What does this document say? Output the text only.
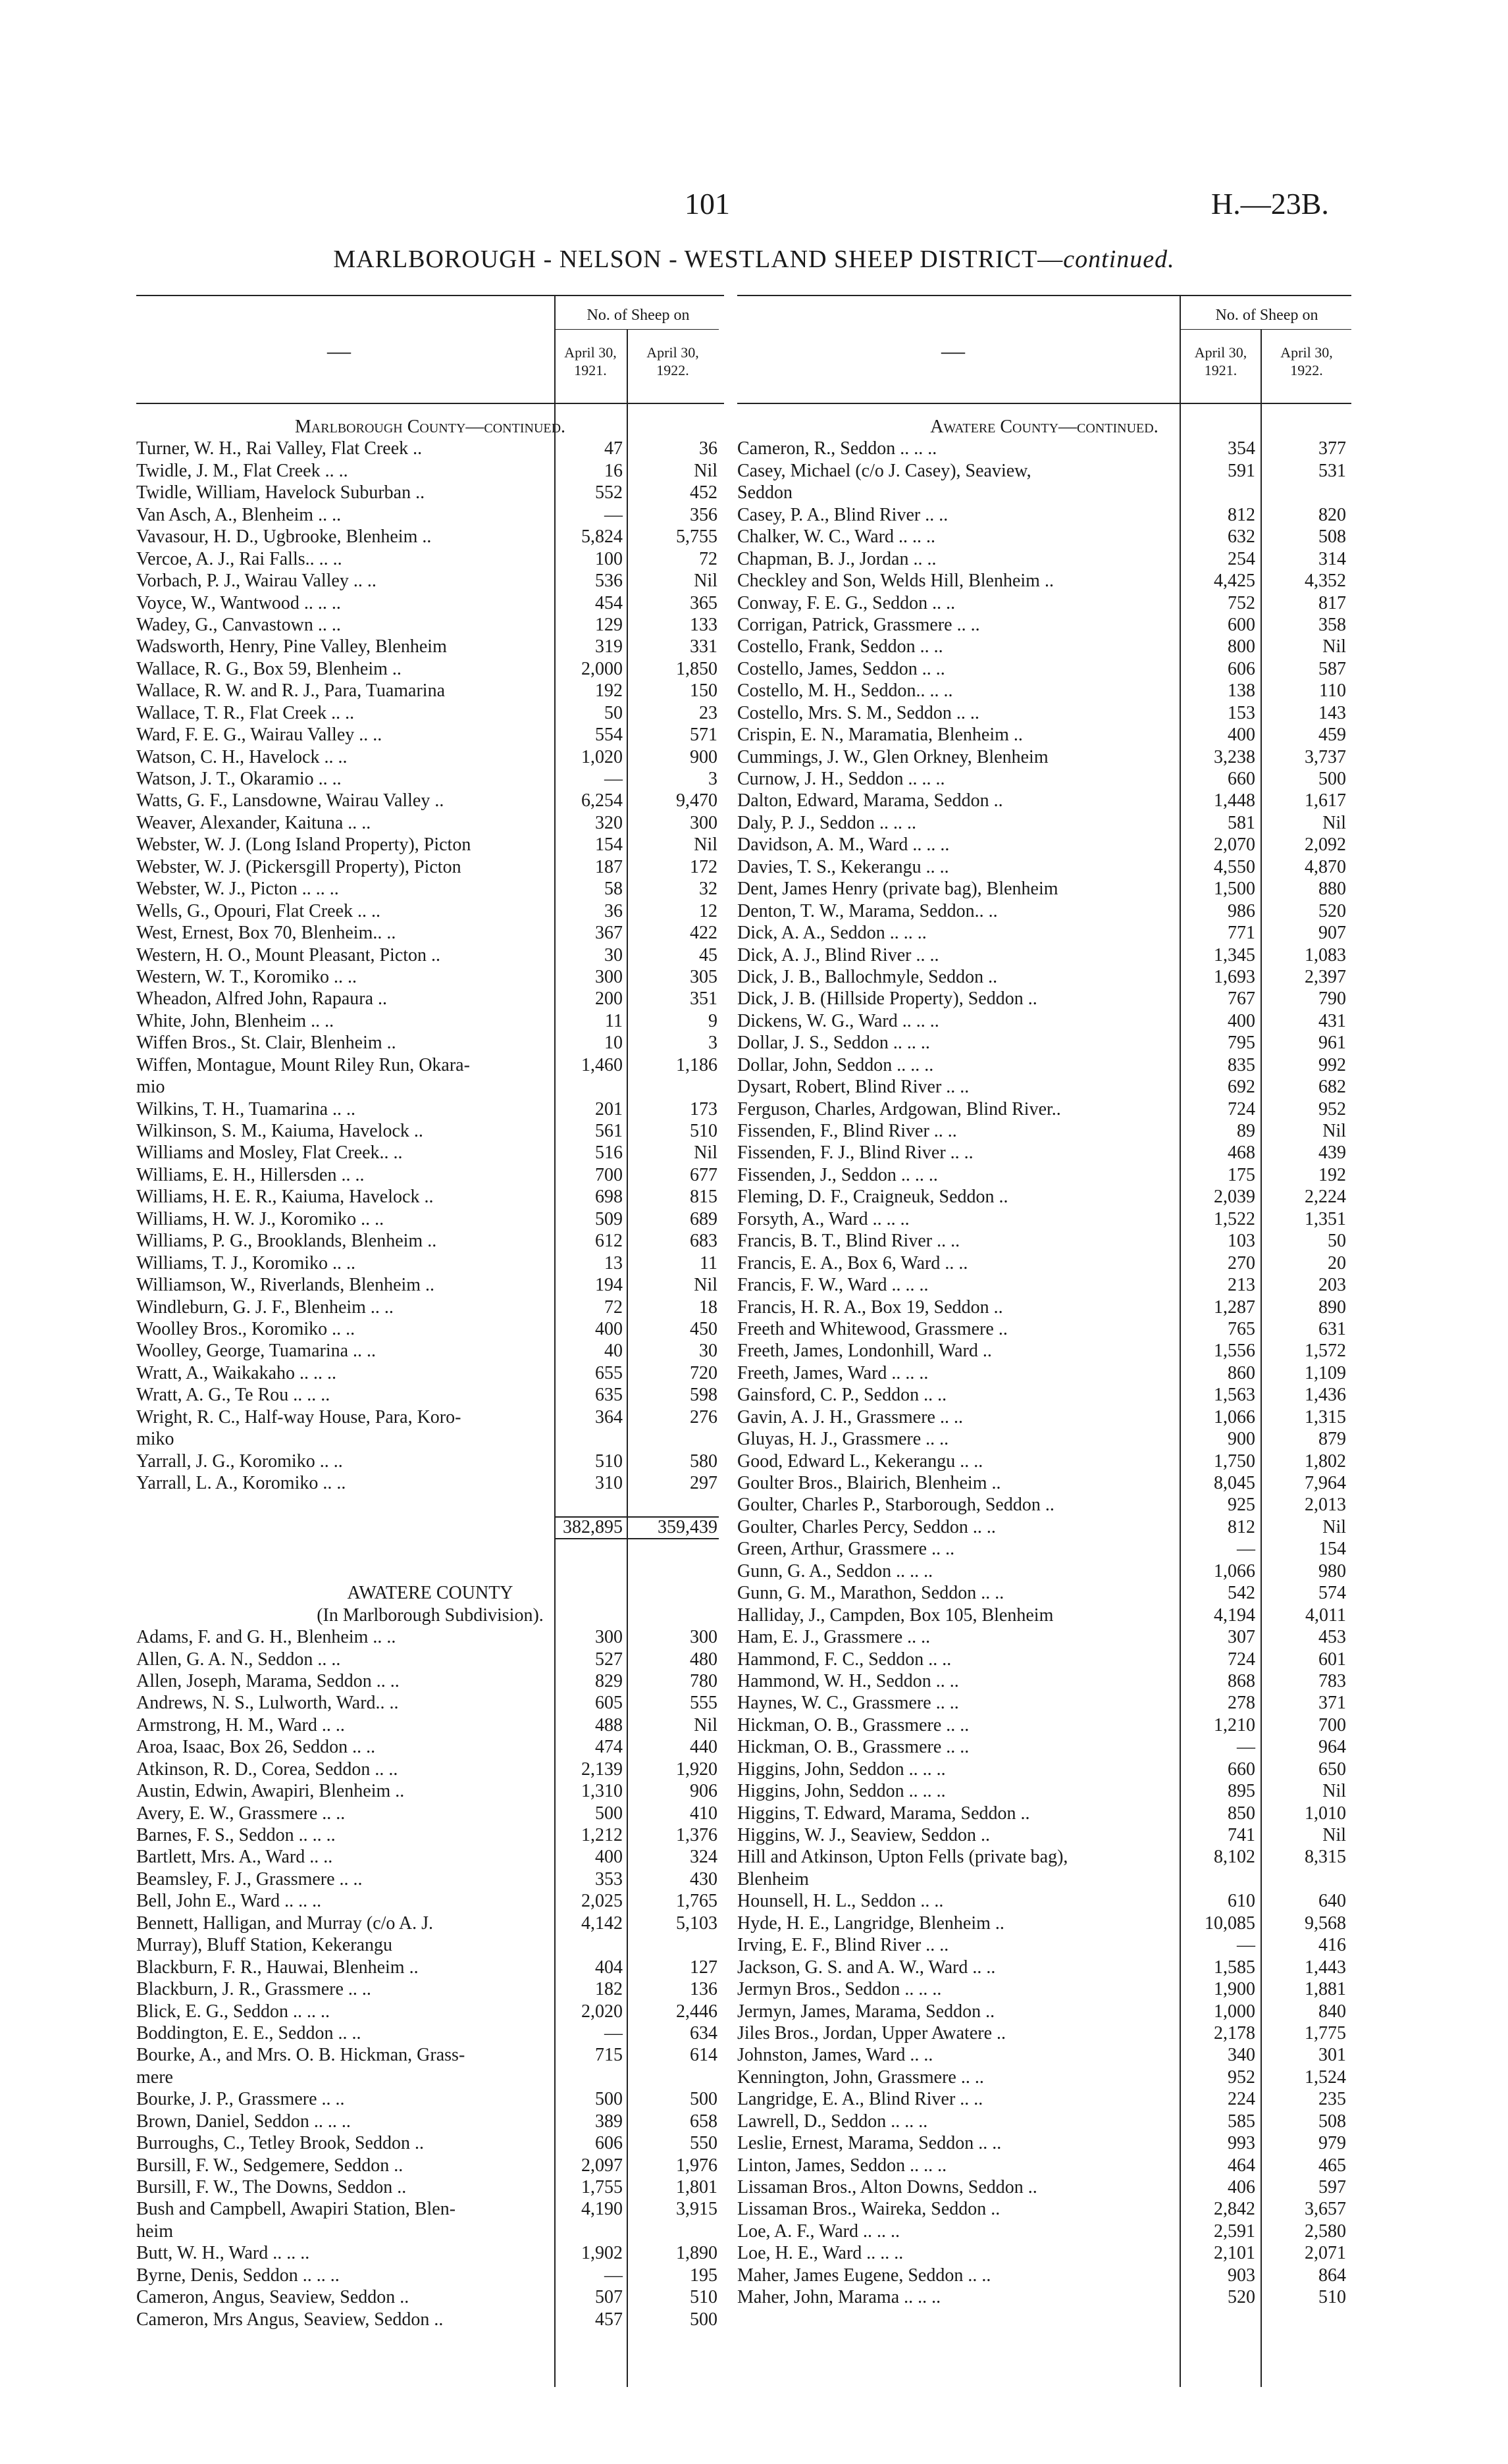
101	H.—23B.
MARLBOROUGH - NELSON - WESTLAND SHEEP DISTRICT—continued.
—
No. of Sheep on
April 30, 1921.
April 30, 1922.
Marlborough County—continued.
Turner, W. H., Rai Valley, Flat Creek ..	47	36
Twidle, J. M., Flat Creek .. ..	16	Nil
Twidle, William, Havelock Suburban ..	552	452
Van Asch, A., Blenheim .. ..	—	356
Vavasour, H. D., Ugbrooke, Blenheim ..	5,824	5,755
Vercoe, A. J., Rai Falls.. .. ..	100	72
Vorbach, P. J., Wairau Valley .. ..	536	Nil
Voyce, W., Wantwood .. .. ..	454	365
Wadey, G., Canvastown .. ..	129	133
Wadsworth, Henry, Pine Valley, Blenheim	319	331
Wallace, R. G., Box 59, Blenheim ..	2,000	1,850
Wallace, R. W. and R. J., Para, Tuamarina	192	150
Wallace, T. R., Flat Creek .. ..	50	23
Ward, F. E. G., Wairau Valley .. ..	554	571
Watson, C. H., Havelock .. ..	1,020	900
Watson, J. T., Okaramio .. ..	—	3
Watts, G. F., Lansdowne, Wairau Valley ..	6,254	9,470
Weaver, Alexander, Kaituna .. ..	320	300
Webster, W. J. (Long Island Property), Picton	154	Nil
Webster, W. J. (Pickersgill Property), Picton	187	172
Webster, W. J., Picton .. .. ..	58	32
Wells, G., Opouri, Flat Creek .. ..	36	12
West, Ernest, Box 70, Blenheim.. ..	367	422
Western, H. O., Mount Pleasant, Picton ..	30	45
Western, W. T., Koromiko .. ..	300	305
Wheadon, Alfred John, Rapaura ..	200	351
White, John, Blenheim .. ..	11	9
Wiffen Bros., St. Clair, Blenheim ..	10	3
Wiffen, Montague, Mount Riley Run, Okara-	1,460	1,186
mio
Wilkins, T. H., Tuamarina .. ..	201	173
Wilkinson, S. M., Kaiuma, Havelock ..	561	510
Williams and Mosley, Flat Creek.. ..	516	Nil
Williams, E. H., Hillersden .. ..	700	677
Williams, H. E. R., Kaiuma, Havelock ..	698	815
Williams, H. W. J., Koromiko .. ..	509	689
Williams, P. G., Brooklands, Blenheim ..	612	683
Williams, T. J., Koromiko .. ..	13	11
Williamson, W., Riverlands, Blenheim ..	194	Nil
Windleburn, G. J. F., Blenheim .. ..	72	18
Woolley Bros., Koromiko .. ..	400	450
Woolley, George, Tuamarina .. ..	40	30
Wratt, A., Waikakaho .. .. ..	655	720
Wratt, A. G., Te Rou .. .. ..	635	598
Wright, R. C., Half-way House, Para, Koro-	364	276
miko
Yarrall, J. G., Koromiko .. ..	510	580
Yarrall, L. A., Koromiko .. ..	310	297
382,895	359,439
AWATERE COUNTY
(In Marlborough Subdivision).
Adams, F. and G. H., Blenheim .. ..	300	300
Allen, G. A. N., Seddon .. ..	527	480
Allen, Joseph, Marama, Seddon .. ..	829	780
Andrews, N. S., Lulworth, Ward.. ..	605	555
Armstrong, H. M., Ward .. ..	488	Nil
Aroa, Isaac, Box 26, Seddon .. ..	474	440
Atkinson, R. D., Corea, Seddon .. ..	2,139	1,920
Austin, Edwin, Awapiri, Blenheim ..	1,310	906
Avery, E. W., Grassmere .. ..	500	410
Barnes, F. S., Seddon .. .. ..	1,212	1,376
Bartlett, Mrs. A., Ward .. ..	400	324
Beamsley, F. J., Grassmere .. ..	353	430
Bell, John E., Ward .. .. ..	2,025	1,765
Bennett, Halligan, and Murray (c/o A. J.	4,142	5,103
Murray), Bluff Station, Kekerangu
Blackburn, F. R., Hauwai, Blenheim ..	404	127
Blackburn, J. R., Grassmere .. ..	182	136
Blick, E. G., Seddon .. .. ..	2,020	2,446
Boddington, E. E., Seddon .. ..	—	634
Bourke, A., and Mrs. O. B. Hickman, Grass-	715	614
mere
Bourke, J. P., Grassmere .. ..	500	500
Brown, Daniel, Seddon .. .. ..	389	658
Burroughs, C., Tetley Brook, Seddon ..	606	550
Bursill, F. W., Sedgemere, Seddon ..	2,097	1,976
Bursill, F. W., The Downs, Seddon ..	1,755	1,801
Bush and Campbell, Awapiri Station, Blen-	4,190	3,915
heim
Butt, W. H., Ward .. .. ..	1,902	1,890
Byrne, Denis, Seddon .. .. ..	—	195
Cameron, Angus, Seaview, Seddon ..	507	510
Cameron, Mrs Angus, Seaview, Seddon ..	457	500
—
No. of Sheep on
April 30, 1921.
April 30, 1922.
Awatere County—continued.
Cameron, R., Seddon .. .. ..	354	377
Casey, Michael (c/o J. Casey), Seaview,	591	531
Seddon
Casey, P. A., Blind River .. ..	812	820
Chalker, W. C., Ward .. .. ..	632	508
Chapman, B. J., Jordan .. ..	254	314
Checkley and Son, Welds Hill, Blenheim ..	4,425	4,352
Conway, F. E. G., Seddon .. ..	752	817
Corrigan, Patrick, Grassmere .. ..	600	358
Costello, Frank, Seddon .. ..	800	Nil
Costello, James, Seddon .. ..	606	587
Costello, M. H., Seddon.. .. ..	138	110
Costello, Mrs. S. M., Seddon .. ..	153	143
Crispin, E. N., Maramatia, Blenheim ..	400	459
Cummings, J. W., Glen Orkney, Blenheim	3,238	3,737
Curnow, J. H., Seddon .. .. ..	660	500
Dalton, Edward, Marama, Seddon ..	1,448	1,617
Daly, P. J., Seddon .. .. ..	581	Nil
Davidson, A. M., Ward .. .. ..	2,070	2,092
Davies, T. S., Kekerangu .. ..	4,550	4,870
Dent, James Henry (private bag), Blenheim	1,500	880
Denton, T. W., Marama, Seddon.. ..	986	520
Dick, A. A., Seddon .. .. ..	771	907
Dick, A. J., Blind River .. ..	1,345	1,083
Dick, J. B., Ballochmyle, Seddon ..	1,693	2,397
Dick, J. B. (Hillside Property), Seddon ..	767	790
Dickens, W. G., Ward .. .. ..	400	431
Dollar, J. S., Seddon .. .. ..	795	961
Dollar, John, Seddon .. .. ..	835	992
Dysart, Robert, Blind River .. ..	692	682
Ferguson, Charles, Ardgowan, Blind River..	724	952
Fissenden, F., Blind River .. ..	89	Nil
Fissenden, F. J., Blind River .. ..	468	439
Fissenden, J., Seddon .. .. ..	175	192
Fleming, D. F., Craigneuk, Seddon ..	2,039	2,224
Forsyth, A., Ward .. .. ..	1,522	1,351
Francis, B. T., Blind River .. ..	103	50
Francis, E. A., Box 6, Ward .. ..	270	20
Francis, F. W., Ward .. .. ..	213	203
Francis, H. R. A., Box 19, Seddon ..	1,287	890
Freeth and Whitewood, Grassmere ..	765	631
Freeth, James, Londonhill, Ward ..	1,556	1,572
Freeth, James, Ward .. .. ..	860	1,109
Gainsford, C. P., Seddon .. ..	1,563	1,436
Gavin, A. J. H., Grassmere .. ..	1,066	1,315
Gluyas, H. J., Grassmere .. ..	900	879
Good, Edward L., Kekerangu .. ..	1,750	1,802
Goulter Bros., Blairich, Blenheim ..	8,045	7,964
Goulter, Charles P., Starborough, Seddon ..	925	2,013
Goulter, Charles Percy, Seddon .. ..	812	Nil
Green, Arthur, Grassmere .. ..	—	154
Gunn, G. A., Seddon .. .. ..	1,066	980
Gunn, G. M., Marathon, Seddon .. ..	542	574
Halliday, J., Campden, Box 105, Blenheim	4,194	4,011
Ham, E. J., Grassmere .. ..	307	453
Hammond, F. C., Seddon .. ..	724	601
Hammond, W. H., Seddon .. ..	868	783
Haynes, W. C., Grassmere .. ..	278	371
Hickman, O. B., Grassmere .. ..	1,210	700
Hickman, O. B., Grassmere .. ..	—	964
Higgins, John, Seddon .. .. ..	660	650
Higgins, John, Seddon .. .. ..	895	Nil
Higgins, T. Edward, Marama, Seddon ..	850	1,010
Higgins, W. J., Seaview, Seddon ..	741	Nil
Hill and Atkinson, Upton Fells (private bag),	8,102	8,315
Blenheim
Hounsell, H. L., Seddon .. ..	610	640
Hyde, H. E., Langridge, Blenheim ..	10,085	9,568
Irving, E. F., Blind River .. ..	—	416
Jackson, G. S. and A. W., Ward .. ..	1,585	1,443
Jermyn Bros., Seddon .. .. ..	1,900	1,881
Jermyn, James, Marama, Seddon ..	1,000	840
Jiles Bros., Jordan, Upper Awatere ..	2,178	1,775
Johnston, James, Ward .. ..	340	301
Kennington, John, Grassmere .. ..	952	1,524
Langridge, E. A., Blind River .. ..	224	235
Lawrell, D., Seddon .. .. ..	585	508
Leslie, Ernest, Marama, Seddon .. ..	993	979
Linton, James, Seddon .. .. ..	464	465
Lissaman Bros., Alton Downs, Seddon ..	406	597
Lissaman Bros., Waireka, Seddon ..	2,842	3,657
Loe, A. F., Ward .. .. ..	2,591	2,580
Loe, H. E., Ward .. .. ..	2,101	2,071
Maher, James Eugene, Seddon .. ..	903	864
Maher, John, Marama .. .. ..	520	510
